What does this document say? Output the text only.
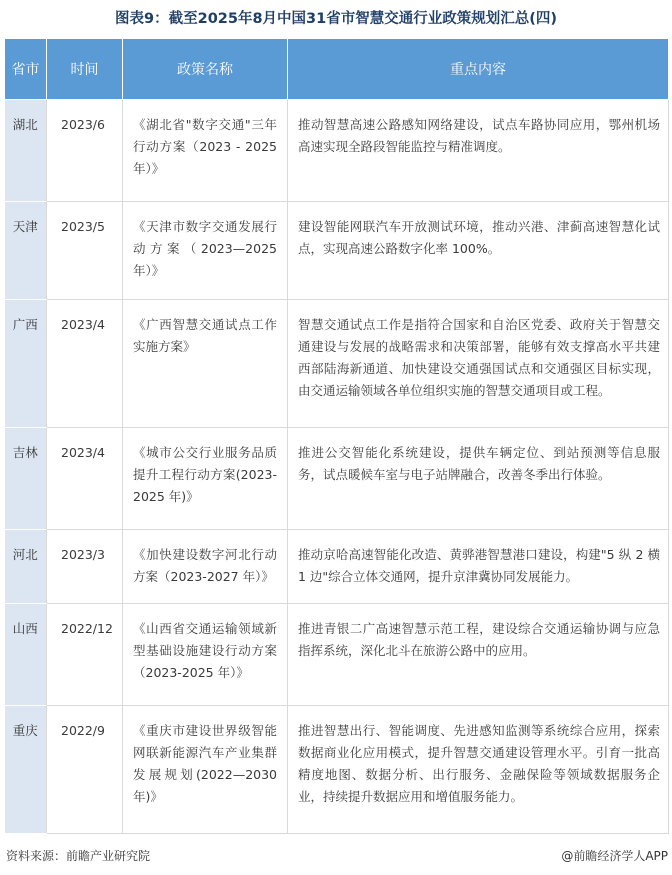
图表9：截至2025年8月中国31省市智慧交通行业政策规划汇总(四)
省市	时间	政策名称	重点内容
湖北	2023/6	《湖北省"数字交通"三年行动方案（2023 - 2025年）》	推动智慧高速公路感知网络建设，试点车路协同应用，鄂州机场高速实现全路段智能监控与精准调度。
天津	2023/5	《天津市数字交通发展行动方案（2023—2025年）》	建设智能网联汽车开放测试环境，推动兴港、津蓟高速智慧化试点，实现高速公路数字化率 100%。
广西	2023/4	《广西智慧交通试点工作实施方案》	智慧交通试点工作是指符合国家和自治区党委、政府关于智慧交通建设与发展的战略需求和决策部署，能够有效支撑高水平共建西部陆海新通道、加快建设交通强国试点和交通强区目标实现，由交通运输领域各单位组织实施的智慧交通项目或工程。
吉林	2023/4	《城市公交行业服务品质提升工程行动方案(2023-2025 年)》	推进公交智能化系统建设，提供车辆定位、到站预测等信息服务，试点暖候车室与电子站牌融合，改善冬季出行体验。
河北	2023/3	《加快建设数字河北行动方案（2023-2027 年）》	推动京哈高速智能化改造、黄骅港智慧港口建设，构建"5 纵 2 横 1 边"综合立体交通网，提升京津冀协同发展能力。
山西	2022/12	《山西省交通运输领域新型基础设施建设行动方案（2023-2025 年）》	推进青银二广高速智慧示范工程，建设综合交通运输协调与应急指挥系统，深化北斗在旅游公路中的应用。
重庆	2022/9	《重庆市建设世界级智能网联新能源汽车产业集群发展规划(2022—2030年)》	推进智慧出行、智能调度、先进感知监测等系统综合应用，探索数据商业化应用模式，提升智慧交通建设管理水平。引育一批高精度地图、数据分析、出行服务、金融保险等领域数据服务企业，持续提升数据应用和增值服务能力。
资料来源：前瞻产业研究院	@前瞻经济学人APP
